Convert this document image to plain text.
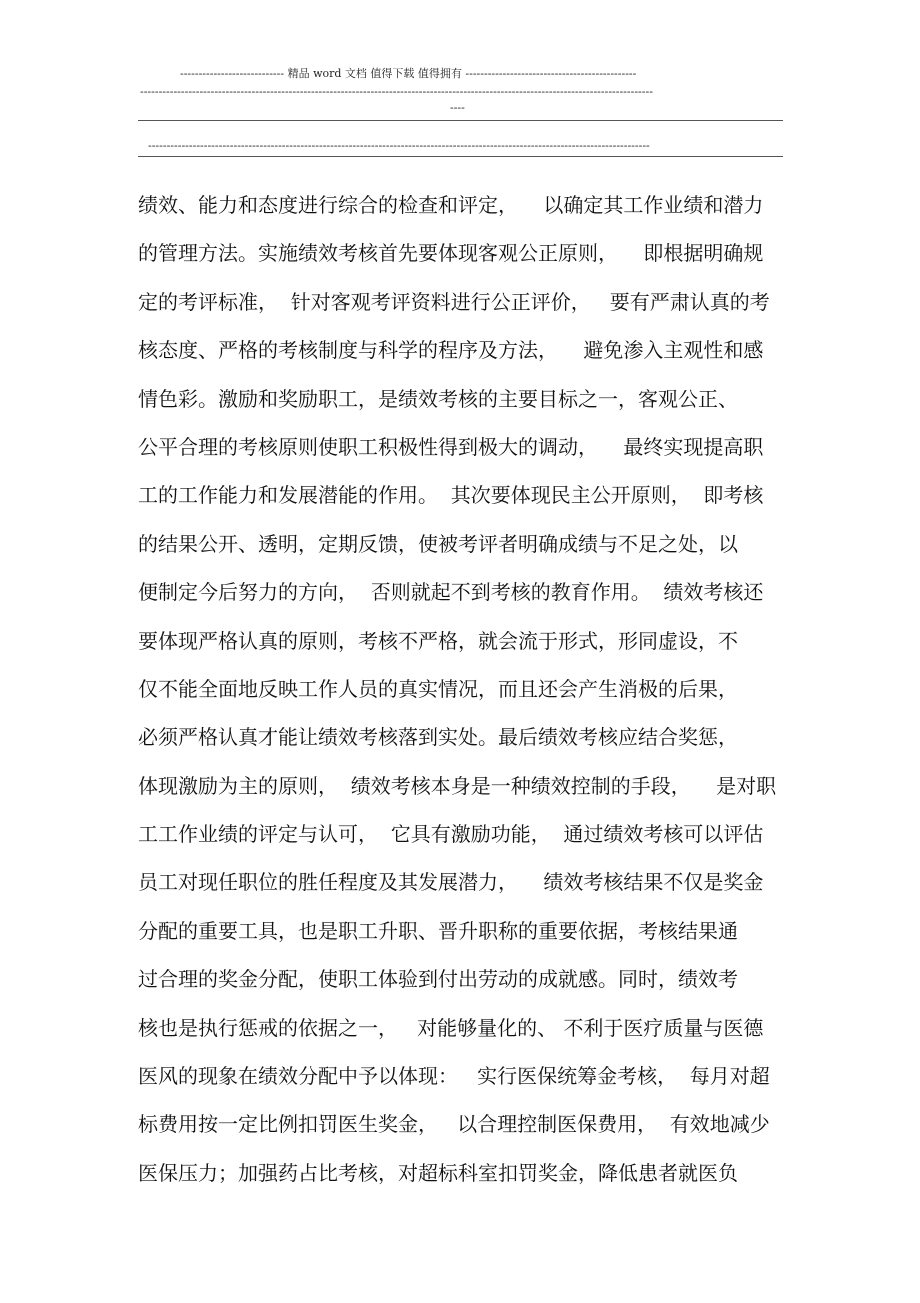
---------------------------- 精品 word 文档 值得下载 值得拥有 ----------------------------------------------
------------------------------------------------------------------------------------------------------------------------------------------
----
---------------------------------------------------------------------------------------------------------------------------------------
绩效、能力和态度进行综合的检查和评定，    以确定其工作业绩和潜力
的管理方法。实施绩效考核首先要体现客观公正原则，    即根据明确规
定的考评标准，  针对客观考评资料进行公正评价，   要有严肃认真的考
核态度、严格的考核制度与科学的程序及方法，    避免渗入主观性和感
情色彩。激励和奖励职工，是绩效考核的主要目标之一，客观公正、
公平合理的考核原则使职工积极性得到极大的调动，    最终实现提高职
工的工作能力和发展潜能的作用。  其次要体现民主公开原则，  即考核
的结果公开、透明，定期反馈，使被考评者明确成绩与不足之处，以
便制定今后努力的方向，  否则就起不到考核的教育作用。  绩效考核还
要体现严格认真的原则，考核不严格，就会流于形式，形同虚设，不
仅不能全面地反映工作人员的真实情况，而且还会产生消极的后果，
必须严格认真才能让绩效考核落到实处。最后绩效考核应结合奖惩，
体现激励为主的原则，  绩效考核本身是一种绩效控制的手段，    是对职
工工作业绩的评定与认可，  它具有激励功能，  通过绩效考核可以评估
员工对现任职位的胜任程度及其发展潜力，    绩效考核结果不仅是奖金
分配的重要工具，也是职工升职、晋升职称的重要依据，考核结果通
过合理的奖金分配，使职工体验到付出劳动的成就感。同时，绩效考
核也是执行惩戒的依据之一，   对能够量化的、 不利于医疗质量与医德
医风的现象在绩效分配中予以体现：   实行医保统筹金考核，  每月对超
标费用按一定比例扣罚医生奖金，   以合理控制医保费用，  有效地减少
医保压力；加强药占比考核，对超标科室扣罚奖金，降低患者就医负
